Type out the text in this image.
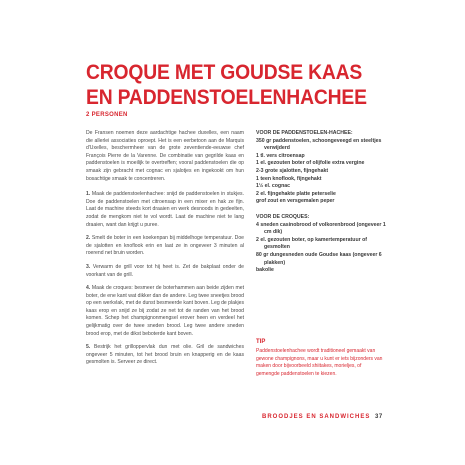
CROQUE MET GOUDSE KAAS
EN PADDENSTOELENHACHEE
2 PERSONEN

De Fransen noemen deze aardachtige hachee duxelles, een naam die allerlei associaties oproept. Het is een eerbetoon aan de Marquis d'Uxelles, beschermheer van de grote zeventiende-eeuwse chef François Pierre de la Varenne. De combinatie van gegrilde kaas en paddenstoelen is moeilijk te overtreffen; vooral paddenstoelen die op smaak zijn gebracht met cognac en sjalotjes en ingekookt om hun bosachtige smaak te concentreren.

1. Maak de paddenstoelenhachee: snijd de paddenstoelen in stukjes. Doe de paddenstoelen met citroensap in een mixer en hak ze fijn. Laat de machine steeds kort draaien en werk desnoods in gedeelten, zodat de mengkom niet te vol wordt. Laat de machine niet te lang draaien, want dan krijgt u puree.

2. Smelt de boter in een koekenpan bij middelhoge temperatuur. Doe de sjalotten en knoflook erin en laat ze in ongeveer 3 minuten al roerend net bruin worden.

3. Verwarm de grill voor tot hij heet is. Zet de bakplaat onder de voorkant van de grill.

4. Maak de croques: besmeer de boterhammen aan beide zijden met boter, de ene kant wat dikker dan de andere. Leg twee sneetjes brood op een werkvlak, met de dunst besmeerde kant boven. Leg de plakjes kaas erop en snijd ze bij zodat ze net tot de randen van het brood komen. Schep het champignonmengsel erover heen en verdeel het gelijkmatig over de twee sneden brood. Leg twee andere sneden brood erop, met de dikst beboterde kant boven.

5. Bestrijk het grilloppervlak dun met olie. Gril de sandwiches ongeveer 5 minuten, tot het brood bruin en knapperig en de kaas gesmolten is. Serveer ze direct.

VOOR DE PADDENSTOELEN-HACHEE:

350 gr paddenstoelen, schoongeveegd en steeltjes verwijderd
1 tl. vers citroensap
1 el. gezouten boter of olijfolie extra vergine
2-3 grote sjalotten, fijngehakt
1 teen knoflook, fijngehakt
1½ el. cognac
2 el. fijngehakte platte peterselie
grof zout en versgemalen peper

VOOR DE CROQUES:

4 sneden casinobrood of volkorenbrood (ongeveer 1 cm dik)
2 el. gezouten boter, op kamertemperatuur of gesmolten
80 gr dungesneden oude Goudse kaas (ongeveer 6 plakken)
bakolie
TIP
Paddenstoelenhachee wordt traditioneel gemaakt van gewone champignons, maar u kunt er iets bijzonders van maken door bijvoorbeeld shiitakes, morieljes, of gemengde paddenstoelen te kiezen.
BROODJES EN SANDWICHES 37
